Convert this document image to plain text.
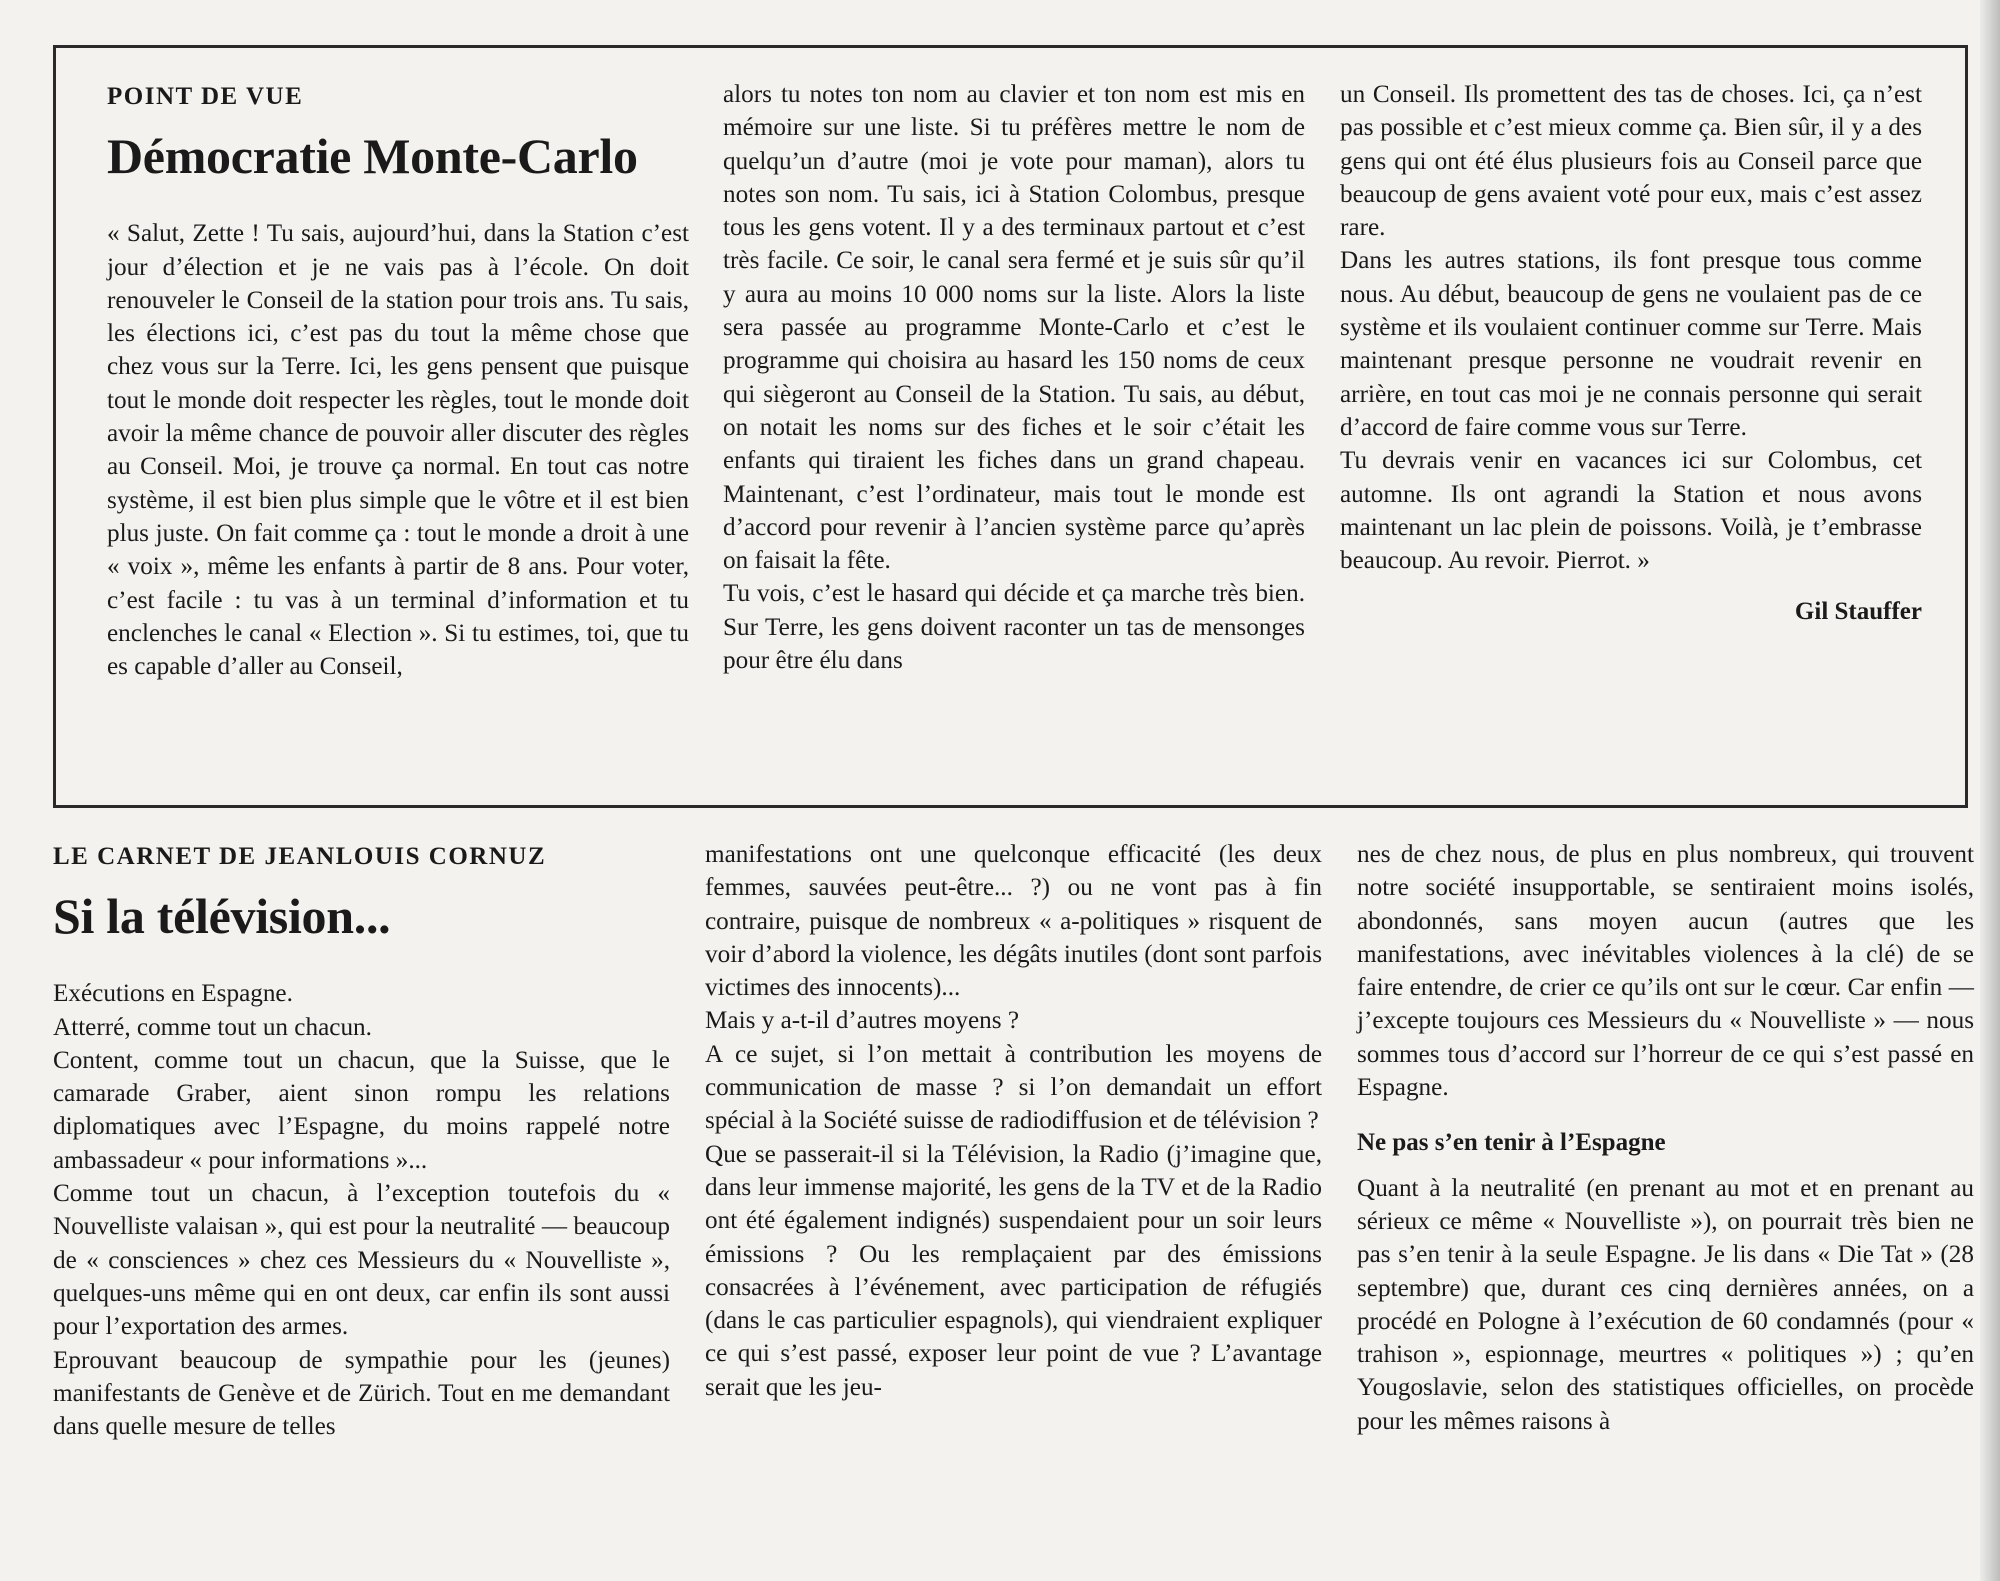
POINT DE VUE
Démocratie Monte-Carlo

« Salut, Zette ! Tu sais, aujourd’hui, dans la Station c’est jour d’élection et je ne vais pas à l’école. On doit renouveler le Conseil de la station pour trois ans. Tu sais, les élections ici, c’est pas du tout la même chose que chez vous sur la Terre. Ici, les gens pensent que puisque tout le monde doit respecter les règles, tout le monde doit avoir la même chance de pouvoir aller discuter des règles au Conseil. Moi, je trouve ça normal. En tout cas notre système, il est bien plus simple que le vôtre et il est bien plus juste. On fait comme ça : tout le monde a droit à une « voix », même les enfants à partir de 8 ans. Pour voter, c’est facile : tu vas à un terminal d’information et tu enclenches le canal « Election ». Si tu estimes, toi, que tu es capable d’aller au Conseil,

alors tu notes ton nom au clavier et ton nom est mis en mémoire sur une liste. Si tu préfères mettre le nom de quelqu’un d’autre (moi je vote pour maman), alors tu notes son nom. Tu sais, ici à Station Colombus, presque tous les gens votent. Il y a des terminaux partout et c’est très facile. Ce soir, le canal sera fermé et je suis sûr qu’il y aura au moins 10 000 noms sur la liste. Alors la liste sera passée au programme Monte-Carlo et c’est le programme qui choisira au hasard les 150 noms de ceux qui siègeront au Conseil de la Station. Tu sais, au début, on notait les noms sur des fiches et le soir c’était les enfants qui tiraient les fiches dans un grand chapeau. Maintenant, c’est l’ordinateur, mais tout le monde est d’accord pour revenir à l’ancien système parce qu’après on faisait la fête.

Tu vois, c’est le hasard qui décide et ça marche très bien. Sur Terre, les gens doivent raconter un tas de mensonges pour être élu dans

un Conseil. Ils promettent des tas de choses. Ici, ça n’est pas possible et c’est mieux comme ça. Bien sûr, il y a des gens qui ont été élus plusieurs fois au Conseil parce que beaucoup de gens avaient voté pour eux, mais c’est assez rare.

Dans les autres stations, ils font presque tous comme nous. Au début, beaucoup de gens ne voulaient pas de ce système et ils voulaient continuer comme sur Terre. Mais maintenant presque personne ne voudrait revenir en arrière, en tout cas moi je ne connais personne qui serait d’accord de faire comme vous sur Terre.

Tu devrais venir en vacances ici sur Colombus, cet automne. Ils ont agrandi la Station et nous avons maintenant un lac plein de poissons. Voilà, je t’embrasse beaucoup. Au revoir. Pierrot. »

Gil Stauffer
LE CARNET DE JEANLOUIS CORNUZ
Si la télévision...

Exécutions en Espagne.

Atterré, comme tout un chacun.

Content, comme tout un chacun, que la Suisse, que le camarade Graber, aient sinon rompu les relations diplomatiques avec l’Espagne, du moins rappelé notre ambassadeur « pour informations »...

Comme tout un chacun, à l’exception toutefois du « Nouvelliste valaisan », qui est pour la neutralité — beaucoup de « consciences » chez ces Messieurs du « Nouvelliste », quelques-uns même qui en ont deux, car enfin ils sont aussi pour l’exportation des armes.

Eprouvant beaucoup de sympathie pour les (jeunes) manifestants de Genève et de Zürich. Tout en me demandant dans quelle mesure de telles

manifestations ont une quelconque efficacité (les deux femmes, sauvées peut-être... ?) ou ne vont pas à fin contraire, puisque de nombreux « a-politiques » risquent de voir d’abord la violence, les dégâts inutiles (dont sont parfois victimes des innocents)...

Mais y a-t-il d’autres moyens ?

A ce sujet, si l’on mettait à contribution les moyens de communication de masse ? si l’on demandait un effort spécial à la Société suisse de radiodiffusion et de télévision ?

Que se passerait-il si la Télévision, la Radio (j’imagine que, dans leur immense majorité, les gens de la TV et de la Radio ont été également indignés) suspendaient pour un soir leurs émissions ? Ou les remplaçaient par des émissions consacrées à l’événement, avec participation de réfugiés (dans le cas particulier espagnols), qui viendraient expliquer ce qui s’est passé, exposer leur point de vue ? L’avantage serait que les jeu-

nes de chez nous, de plus en plus nombreux, qui trouvent notre société insupportable, se sentiraient moins isolés, abondonnés, sans moyen aucun (autres que les manifestations, avec inévitables violences à la clé) de se faire entendre, de crier ce qu’ils ont sur le cœur. Car enfin — j’excepte toujours ces Messieurs du « Nouvelliste » — nous sommes tous d’accord sur l’horreur de ce qui s’est passé en Espagne.

Ne pas s’en tenir à l’Espagne

Quant à la neutralité (en prenant au mot et en prenant au sérieux ce même « Nouvelliste »), on pourrait très bien ne pas s’en tenir à la seule Espagne. Je lis dans « Die Tat » (28 septembre) que, durant ces cinq dernières années, on a procédé en Pologne à l’exécution de 60 condamnés (pour « trahison », espionnage, meurtres « politiques ») ; qu’en Yougoslavie, selon des statistiques officielles, on procède pour les mêmes raisons à
